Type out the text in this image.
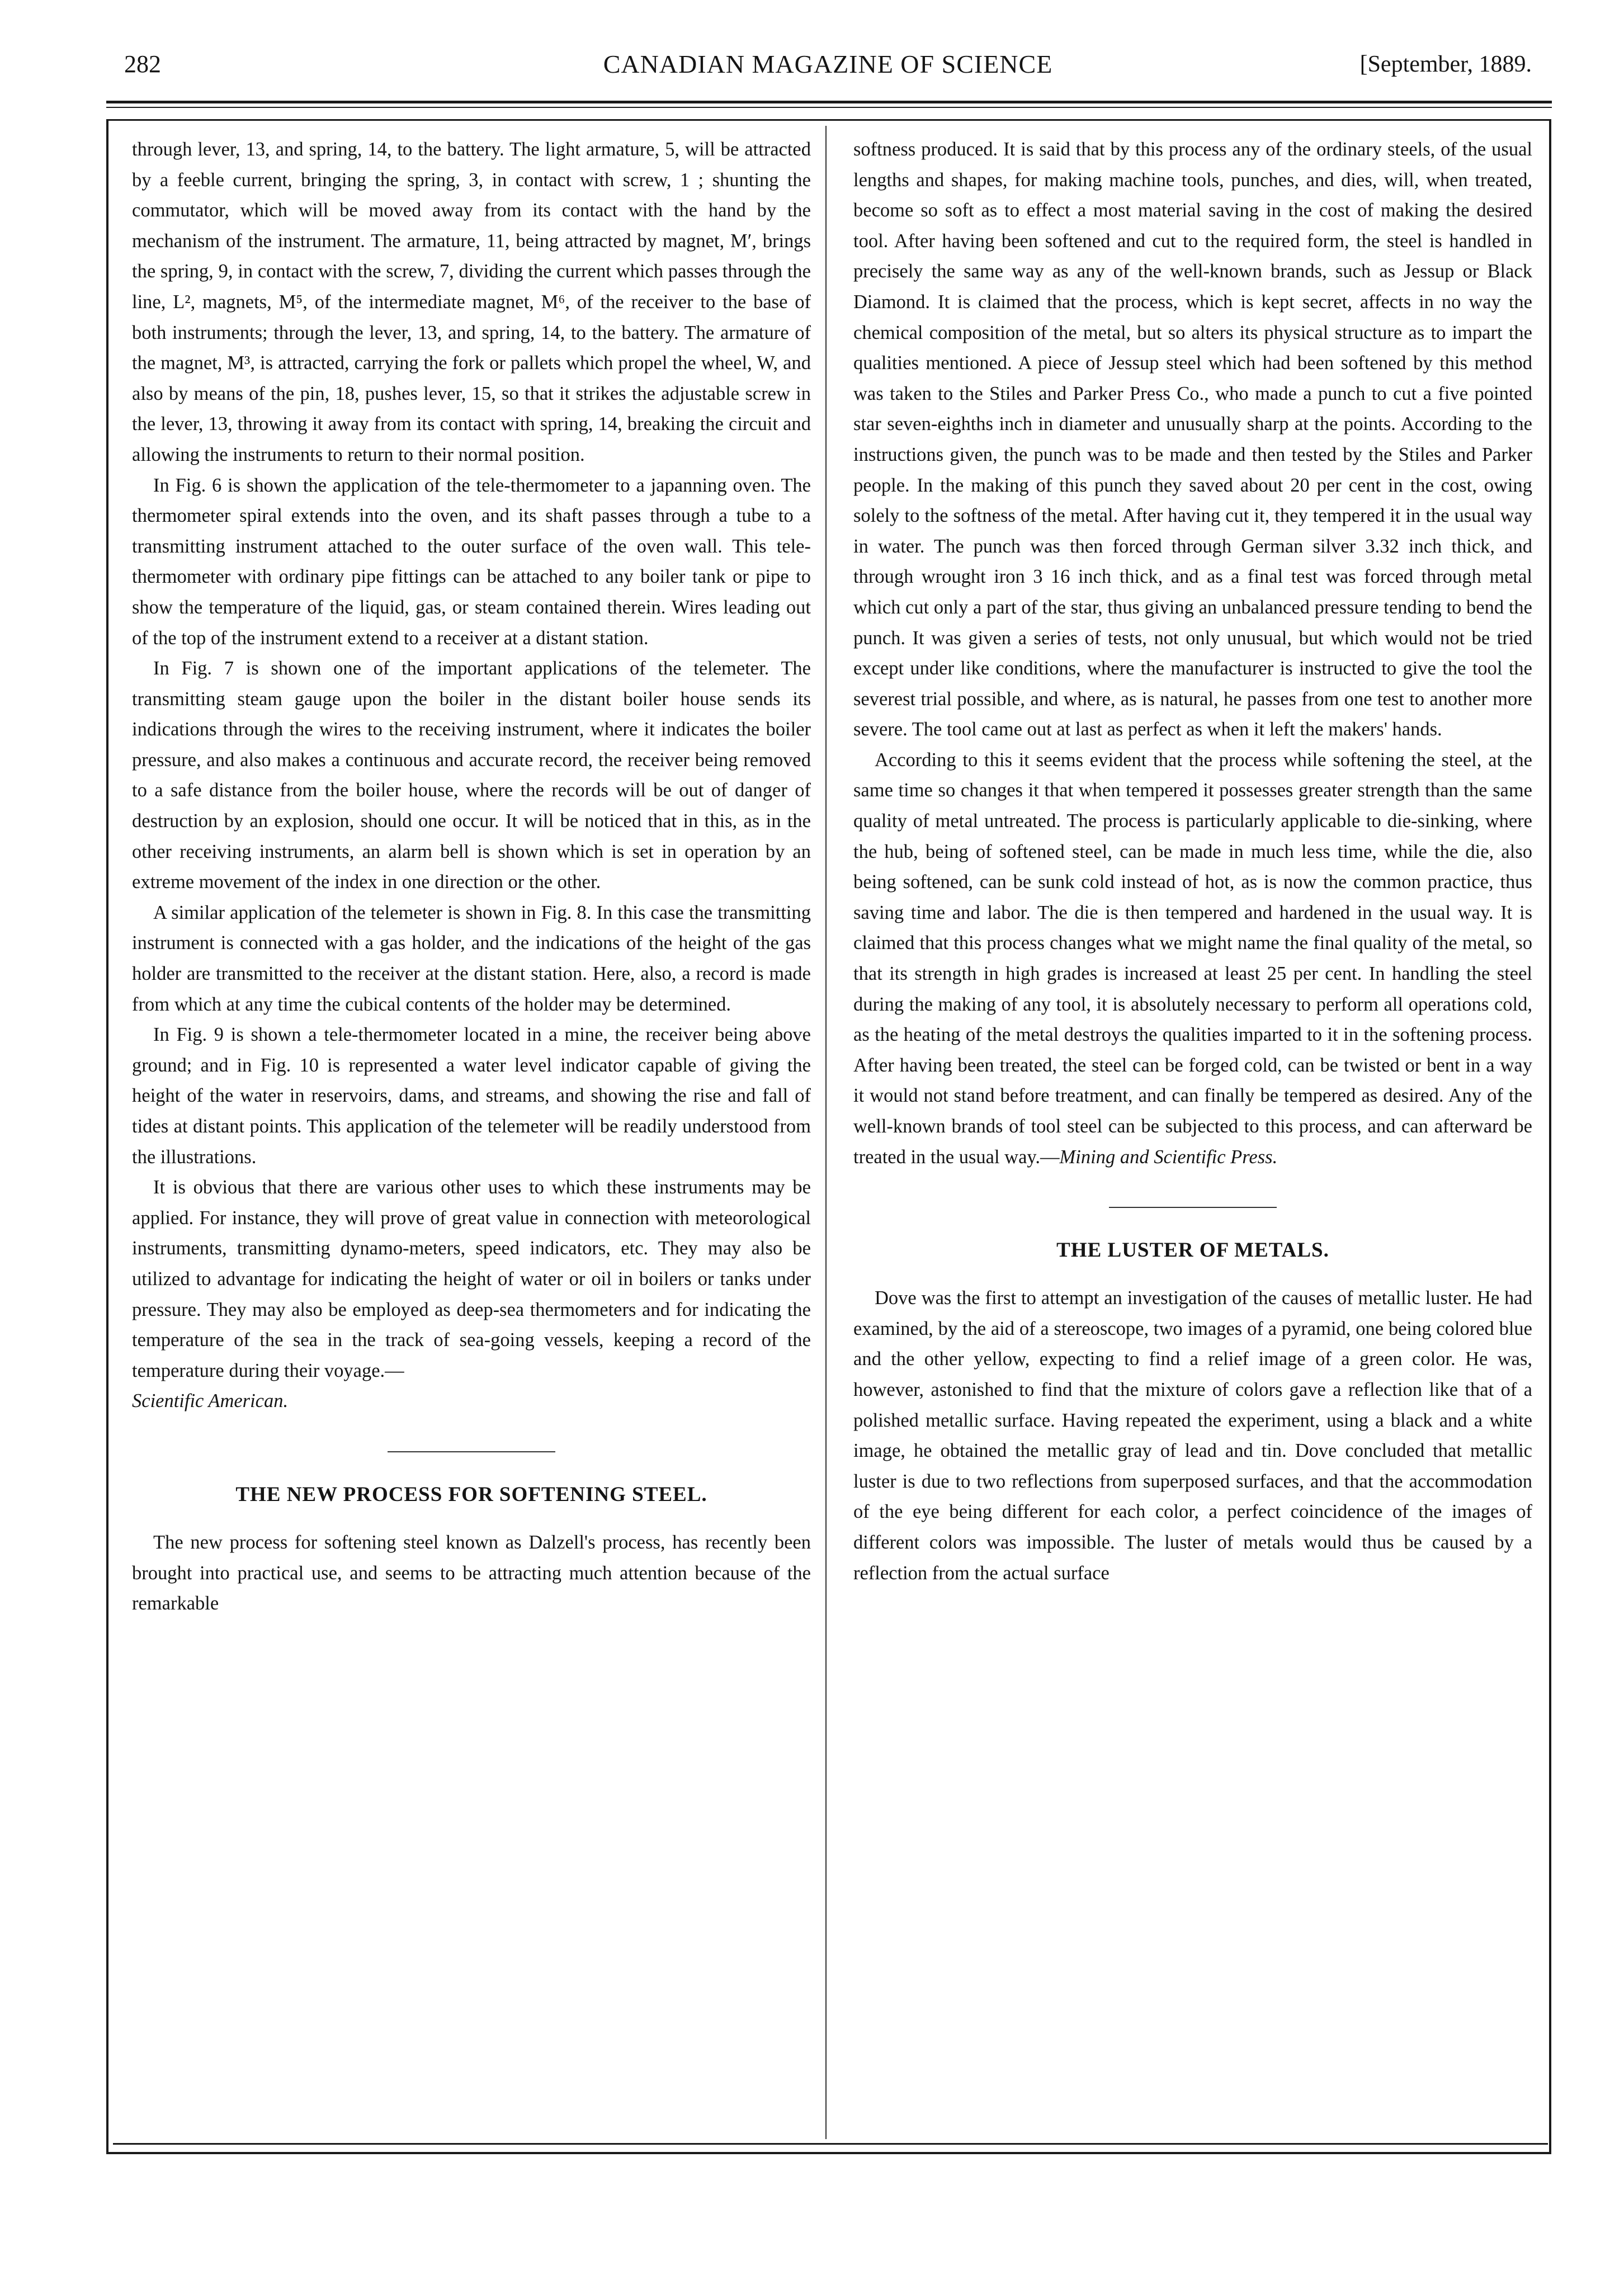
282	CANADIAN MAGAZINE OF SCIENCE	[September, 1889.

through lever, 13, and spring, 14, to the battery. The light armature, 5, will be attracted by a feeble current, bringing the spring, 3, in contact with screw, 1 ; shunting the commutator, which will be moved away from its contact with the hand by the mechanism of the instrument. The armature, 11, being attracted by magnet, M′, brings the spring, 9, in contact with the screw, 7, dividing the current which passes through the line, L², magnets, M⁵, of the intermediate magnet, M⁶, of the receiver to the base of both instruments; through the lever, 13, and spring, 14, to the battery. The armature of the magnet, M³, is attracted, carrying the fork or pallets which propel the wheel, W, and also by means of the pin, 18, pushes lever, 15, so that it strikes the adjustable screw in the lever, 13, throwing it away from its contact with spring, 14, breaking the circuit and allowing the instruments to return to their normal position.

In Fig. 6 is shown the application of the tele-thermometer to a japanning oven. The thermometer spiral extends into the oven, and its shaft passes through a tube to a transmitting instrument attached to the outer surface of the oven wall. This tele-thermometer with ordinary pipe fittings can be attached to any boiler tank or pipe to show the temperature of the liquid, gas, or steam contained therein. Wires leading out of the top of the instrument extend to a receiver at a distant station.

In Fig. 7 is shown one of the important applications of the telemeter. The transmitting steam gauge upon the boiler in the distant boiler house sends its indications through the wires to the receiving instrument, where it indicates the boiler pressure, and also makes a continuous and accurate record, the receiver being removed to a safe distance from the boiler house, where the records will be out of danger of destruction by an explosion, should one occur. It will be noticed that in this, as in the other receiving instruments, an alarm bell is shown which is set in operation by an extreme movement of the index in one direction or the other.

A similar application of the telemeter is shown in Fig. 8. In this case the transmitting instrument is connected with a gas holder, and the indications of the height of the gas holder are transmitted to the receiver at the distant station. Here, also, a record is made from which at any time the cubical contents of the holder may be determined.

In Fig. 9 is shown a tele-thermometer located in a mine, the receiver being above ground; and in Fig. 10 is represented a water level indicator capable of giving the height of the water in reservoirs, dams, and streams, and showing the rise and fall of tides at distant points. This application of the telemeter will be readily understood from the illustrations.

It is obvious that there are various other uses to which these instruments may be applied. For instance, they will prove of great value in connection with meteorological instruments, transmitting dynamo-meters, speed indicators, etc. They may also be utilized to advantage for indicating the height of water or oil in boilers or tanks under pressure. They may also be employed as deep-sea thermometers and for indicating the temperature of the sea in the track of sea-going vessels, keeping a record of the temperature during their voyage.—

Scientific American.

THE NEW PROCESS FOR SOFTENING STEEL.

The new process for softening steel known as Dalzell's process, has recently been brought into practical use, and seems to be attracting much attention because of the remarkable

softness produced. It is said that by this process any of the ordinary steels, of the usual lengths and shapes, for making machine tools, punches, and dies, will, when treated, become so soft as to effect a most material saving in the cost of making the desired tool. After having been softened and cut to the required form, the steel is handled in precisely the same way as any of the well-known brands, such as Jessup or Black Diamond. It is claimed that the process, which is kept secret, affects in no way the chemical composition of the metal, but so alters its physical structure as to impart the qualities mentioned. A piece of Jessup steel which had been softened by this method was taken to the Stiles and Parker Press Co., who made a punch to cut a five pointed star seven-eighths inch in diameter and unusually sharp at the points. According to the instructions given, the punch was to be made and then tested by the Stiles and Parker people. In the making of this punch they saved about 20 per cent in the cost, owing solely to the softness of the metal. After having cut it, they tempered it in the usual way in water. The punch was then forced through German silver 3.32 inch thick, and through wrought iron 3 16 inch thick, and as a final test was forced through metal which cut only a part of the star, thus giving an unbalanced pressure tending to bend the punch. It was given a series of tests, not only unusual, but which would not be tried except under like conditions, where the manufacturer is instructed to give the tool the severest trial possible, and where, as is natural, he passes from one test to another more severe. The tool came out at last as perfect as when it left the makers' hands.

According to this it seems evident that the process while softening the steel, at the same time so changes it that when tempered it possesses greater strength than the same quality of metal untreated. The process is particularly applicable to die-sinking, where the hub, being of softened steel, can be made in much less time, while the die, also being softened, can be sunk cold instead of hot, as is now the common practice, thus saving time and labor. The die is then tempered and hardened in the usual way. It is claimed that this process changes what we might name the final quality of the metal, so that its strength in high grades is increased at least 25 per cent. In handling the steel during the making of any tool, it is absolutely necessary to perform all operations cold, as the heating of the metal destroys the qualities imparted to it in the softening process. After having been treated, the steel can be forged cold, can be twisted or bent in a way it would not stand before treatment, and can finally be tempered as desired. Any of the well-known brands of tool steel can be subjected to this process, and can afterward be treated in the usual way.—Mining and Scientific Press.

THE LUSTER OF METALS.

Dove was the first to attempt an investigation of the causes of metallic luster. He had examined, by the aid of a stereoscope, two images of a pyramid, one being colored blue and the other yellow, expecting to find a relief image of a green color. He was, however, astonished to find that the mixture of colors gave a reflection like that of a polished metallic surface. Having repeated the experiment, using a black and a white image, he obtained the metallic gray of lead and tin. Dove concluded that metallic luster is due to two reflections from superposed surfaces, and that the accommodation of the eye being different for each color, a perfect coincidence of the images of different colors was impossible. The luster of metals would thus be caused by a reflection from the actual surface
